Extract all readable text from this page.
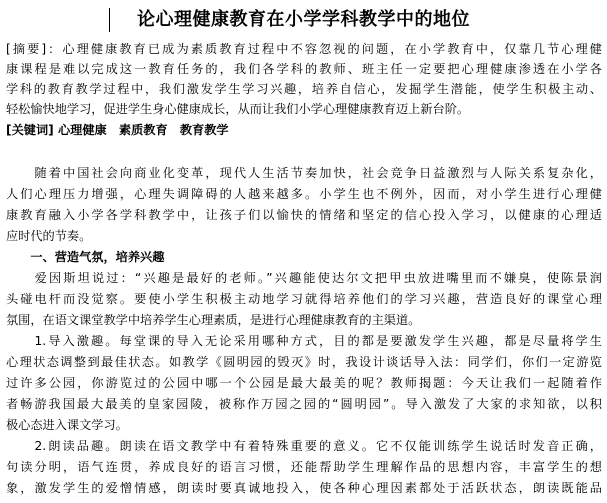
论心理健康教育在小学学科教学中的地位
[摘要]：心理健康教育已成为素质教育过程中不容忽视的问题，在小学教育中，仅靠几节心理健
康课程是难以完成这一教育任务的，我们各学科的教师、班主任一定要把心理健康渗透在小学各
学科的教育教学过程中，我们激发学生学习兴趣，培养自信心，发掘学生潜能，使学生积极主动、
轻松愉快地学习，促进学生身心健康成长，从而让我们小学心理健康教育迈上新台阶。
[关键词] 心理健康　素质教育　教育教学
　　随着中国社会向商业化变革，现代人生活节奏加快，社会竞争日益激烈与人际关系复杂化，
人们心理压力增强，心理失调障碍的人越来越多。小学生也不例外，因而，对小学生进行心理健
康教育融入小学各学科教学中，让孩子们以愉快的情绪和坚定的信心投入学习，以健康的心理适
应时代的节奏。
　　一、营造气氛，培养兴趣
　　爱因斯坦说过：“兴趣是最好的老师。”兴趣能使达尔文把甲虫放进嘴里而不嫌臭，使陈景润
头碰电杆而没觉察。要使小学生积极主动地学习就得培养他们的学习兴趣，营造良好的课堂心理
氛围，在语文课堂教学中培养学生心理素质，是进行心理健康教育的主渠道。
　　1.导入激趣。每堂课的导入无论采用哪种方式，目的都是要激发学生兴趣，都是尽量将学生
心理状态调整到最佳状态。如教学《圆明园的毁灭》时，我设计谈话导入法：同学们，你们一定游览
过许多公园，你游览过的公园中哪一个公园是最大最美的呢？教师揭题：今天让我们一起随着作
者畅游我国最大最美的皇家园陵，被称作万园之园的“圆明园”。导入激发了大家的求知欲，以积
极心态进入课文学习。
　　2.朗读品趣。朗读在语文教学中有着特殊重要的意义。它不仅能训练学生说话时发音正确，
句读分明，语气连贯，养成良好的语言习惯，还能帮助学生理解作品的思想内容，丰富学生的想
象，激发学生的爱憎情感，朗读时要真诚地投入，使各种心理因素都处于活跃状态，朗读既能品
